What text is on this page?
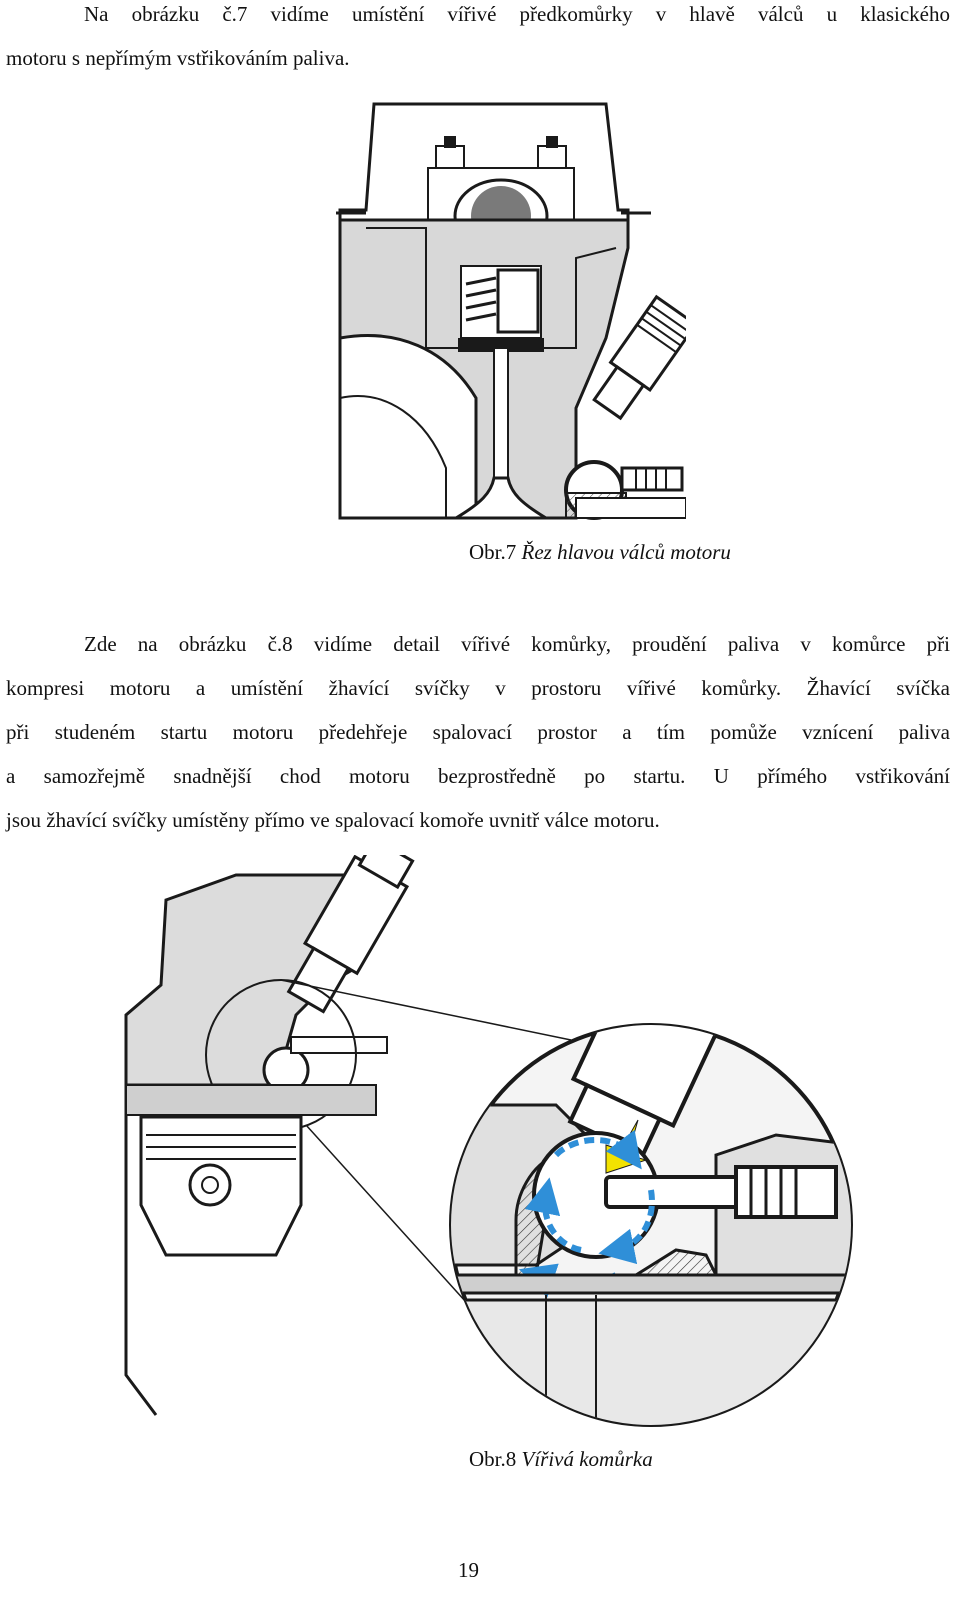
Na obrázku č.7 vidíme umístění vířivé předkomůrky v hlavě válců u klasického
motoru s nepřímým vstřikováním paliva.

Obr.7 Řez hlavou válců motoru

Zde na obrázku č.8 vidíme detail vířivé komůrky, proudění paliva v komůrce při
kompresi motoru a umístění žhavící svíčky v prostoru vířivé komůrky. Žhavící svíčka
při studeném startu motoru předehřeje spalovací prostor a tím pomůže vznícení paliva
a samozřejmě snadnější chod motoru bezprostředně po startu. U přímého vstřikování
jsou žhavící svíčky umístěny přímo ve spalovací komoře uvnitř válce motoru.

Obr.8 Vířivá komůrka

19
